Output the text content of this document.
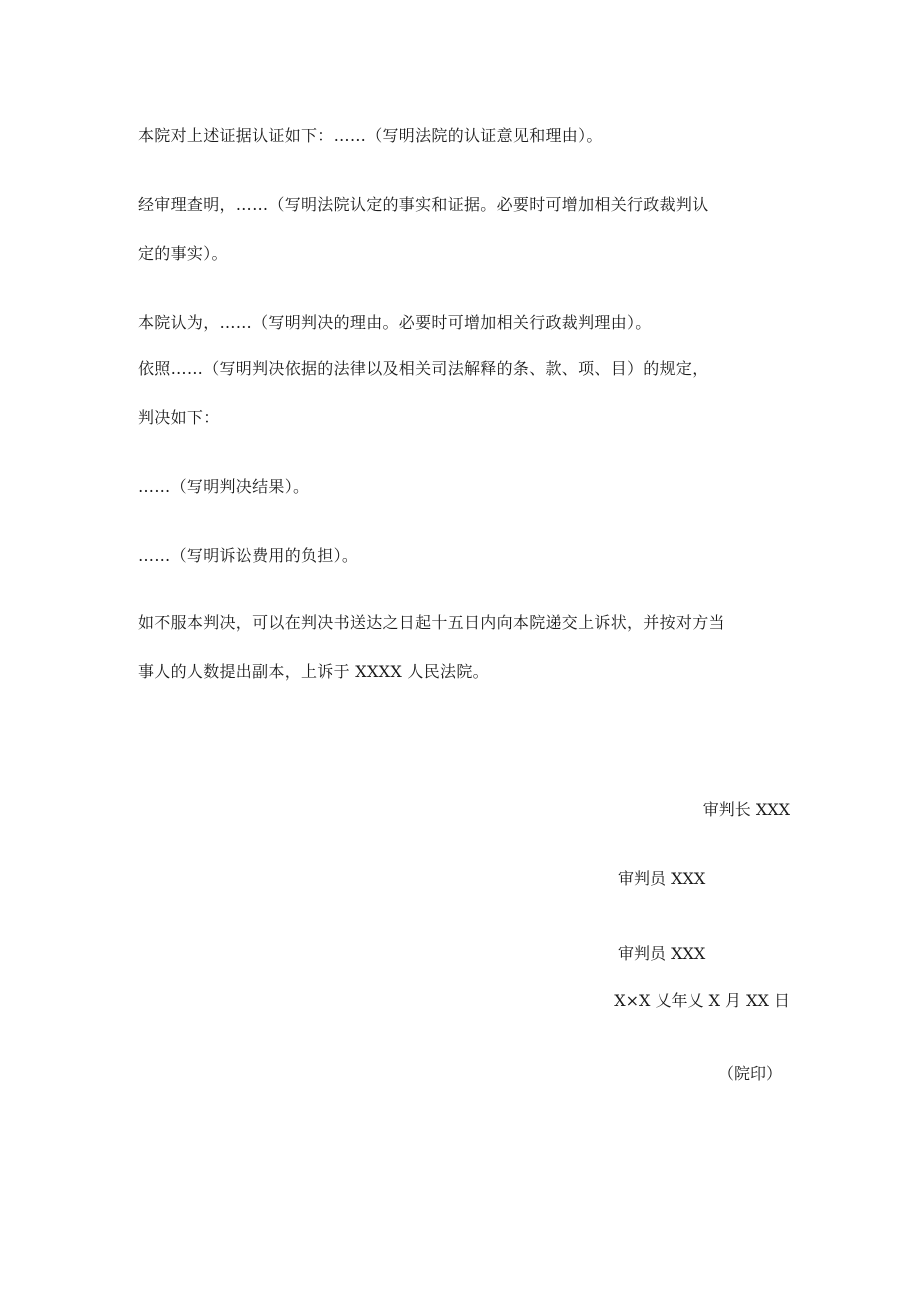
本院对上述证据认证如下：……（写明法院的认证意见和理由）。
经审理查明，……（写明法院认定的事实和证据。必要时可增加相关行政裁判认
定的事实）。
本院认为，……（写明判决的理由。必要时可增加相关行政裁判理由）。
依照……（写明判决依据的法律以及相关司法解释的条、款、项、目）的规定，
判决如下：
……（写明判决结果）。
……（写明诉讼费用的负担）。
如不服本判决，可以在判决书送达之日起十五日内向本院递交上诉状，并按对方当
事人的人数提出副本，上诉于 XXXX 人民法院。
审判长 XXX
审判员 XXX
审判员 XXX
X×X 乂年乂 X 月 XX 日
（院印）
